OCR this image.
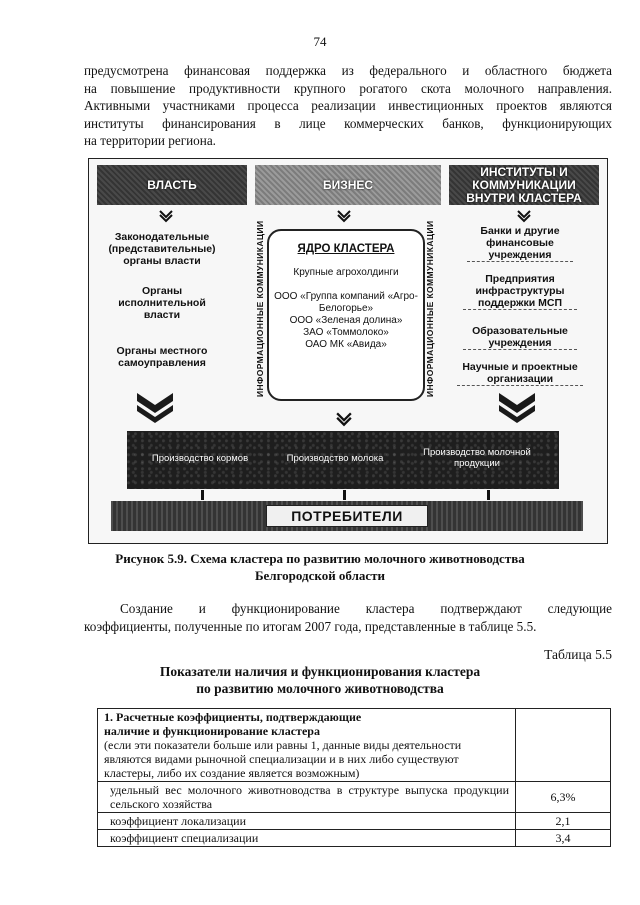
74
предусмотрена финансовая поддержка из федерального и областного бюджета
на повышение продуктивности крупного рогатого скота молочного направления.
Активными участниками процесса реализации инвестиционных проектов являются
институты финансирования в лице коммерческих банков, функционирующих
на территории региона.
ВЛАСТЬ	БИЗНЕС
ИНСТИТУТЫ И
КОММУНИКАЦИИ
ВНУТРИ КЛАСТЕРА
Законодательные (представительные) органы власти
Органы исполнительной власти
Органы местного самоуправления	ИНФОРМАЦИОННЫЕ КОММУНИКАЦИИ	ИНФОРМАЦИОННЫЕ КОММУНИКАЦИИ
ЯДРО КЛАСТЕРА
Крупные агрохолдинги
ООО «Группа компаний «Агро-Белогорье»
ООО «Зеленая долина»
ЗАО «Томмолоко»
ОАО МК «Авида»
Банки и другие финансовые учреждения
Предприятия инфраструктуры поддержки МСП
Образовательные учреждения
Научные и проектные организации
Производство кормов	Производство молока
Производство молочной продукции
ПОТРЕБИТЕЛИ
Рисунок 5.9. Схема кластера по развитию молочного животноводства
Белгородской области
Создание и функционирование кластера подтверждают следующие
коэффициенты, полученные по итогам 2007 года, представленные в таблице 5.5.
Таблица 5.5
Показатели наличия и функционирования кластера
по развитию молочного животноводства
1. Расчетные коэффициенты, подтверждающие наличие и функционирование кластера
(если эти показатели больше или равны 1, данные виды деятельности являются видами рыночной специализации и в них либо существуют кластеры, либо их создание является возможным)	

удельный вес молочного животноводства в структуре выпуска продукции сельского хозяйства	6,3%
коэффициент локализации	2,1
коэффициент специализации	3,4
